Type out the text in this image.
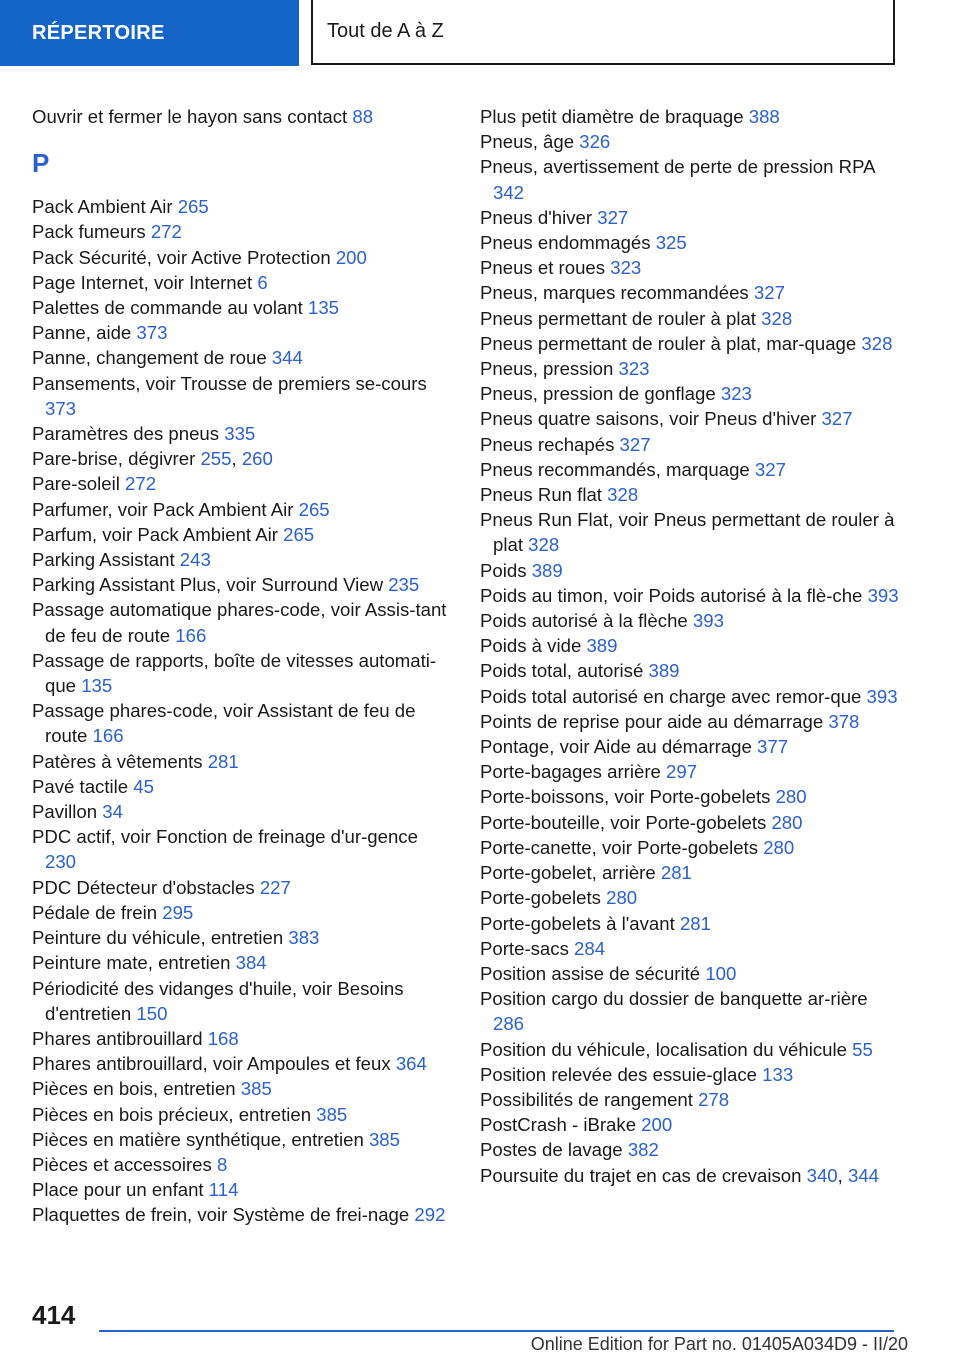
RÉPERTOIRE	Tout de A à Z
Ouvrir et fermer le hayon sans contact 88
P
Pack Ambient Air 265
Pack fumeurs 272
Pack Sécurité, voir Active Protection 200
Page Internet, voir Internet 6
Palettes de commande au volant 135
Panne, aide 373
Panne, changement de roue 344
Pansements, voir Trousse de premiers se-cours 373
Paramètres des pneus 335
Pare-brise, dégivrer 255, 260
Pare-soleil 272
Parfumer, voir Pack Ambient Air 265
Parfum, voir Pack Ambient Air 265
Parking Assistant 243
Parking Assistant Plus, voir Surround View 235
Passage automatique phares-code, voir Assis-tant de feu de route 166
Passage de rapports, boîte de vitesses automati-que 135
Passage phares-code, voir Assistant de feu de route 166
Patères à vêtements 281
Pavé tactile 45
Pavillon 34
PDC actif, voir Fonction de freinage d'ur-gence 230
PDC Détecteur d'obstacles 227
Pédale de frein 295
Peinture du véhicule, entretien 383
Peinture mate, entretien 384
Périodicité des vidanges d'huile, voir Besoins d'entretien 150
Phares antibrouillard 168
Phares antibrouillard, voir Ampoules et feux 364
Pièces en bois, entretien 385
Pièces en bois précieux, entretien 385
Pièces en matière synthétique, entretien 385
Pièces et accessoires 8
Place pour un enfant 114
Plaquettes de frein, voir Système de frei-nage 292
Plus petit diamètre de braquage 388
Pneus, âge 326
Pneus, avertissement de perte de pression RPA 342
Pneus d'hiver 327
Pneus endommagés 325
Pneus et roues 323
Pneus, marques recommandées 327
Pneus permettant de rouler à plat 328
Pneus permettant de rouler à plat, mar-quage 328
Pneus, pression 323
Pneus, pression de gonflage 323
Pneus quatre saisons, voir Pneus d'hiver 327
Pneus rechapés 327
Pneus recommandés, marquage 327
Pneus Run flat 328
Pneus Run Flat, voir Pneus permettant de rouler à plat 328
Poids 389
Poids au timon, voir Poids autorisé à la flè-che 393
Poids autorisé à la flèche 393
Poids à vide 389
Poids total, autorisé 389
Poids total autorisé en charge avec remor-que 393
Points de reprise pour aide au démarrage 378
Pontage, voir Aide au démarrage 377
Porte-bagages arrière 297
Porte-boissons, voir Porte-gobelets 280
Porte-bouteille, voir Porte-gobelets 280
Porte-canette, voir Porte-gobelets 280
Porte-gobelet, arrière 281
Porte-gobelets 280
Porte-gobelets à l'avant 281
Porte-sacs 284
Position assise de sécurité 100
Position cargo du dossier de banquette ar-rière 286
Position du véhicule, localisation du véhicule 55
Position relevée des essuie-glace 133
Possibilités de rangement 278
PostCrash - iBrake 200
Postes de lavage 382
Poursuite du trajet en cas de crevaison 340, 344
414
Online Edition for Part no. 01405A034D9 - II/20
